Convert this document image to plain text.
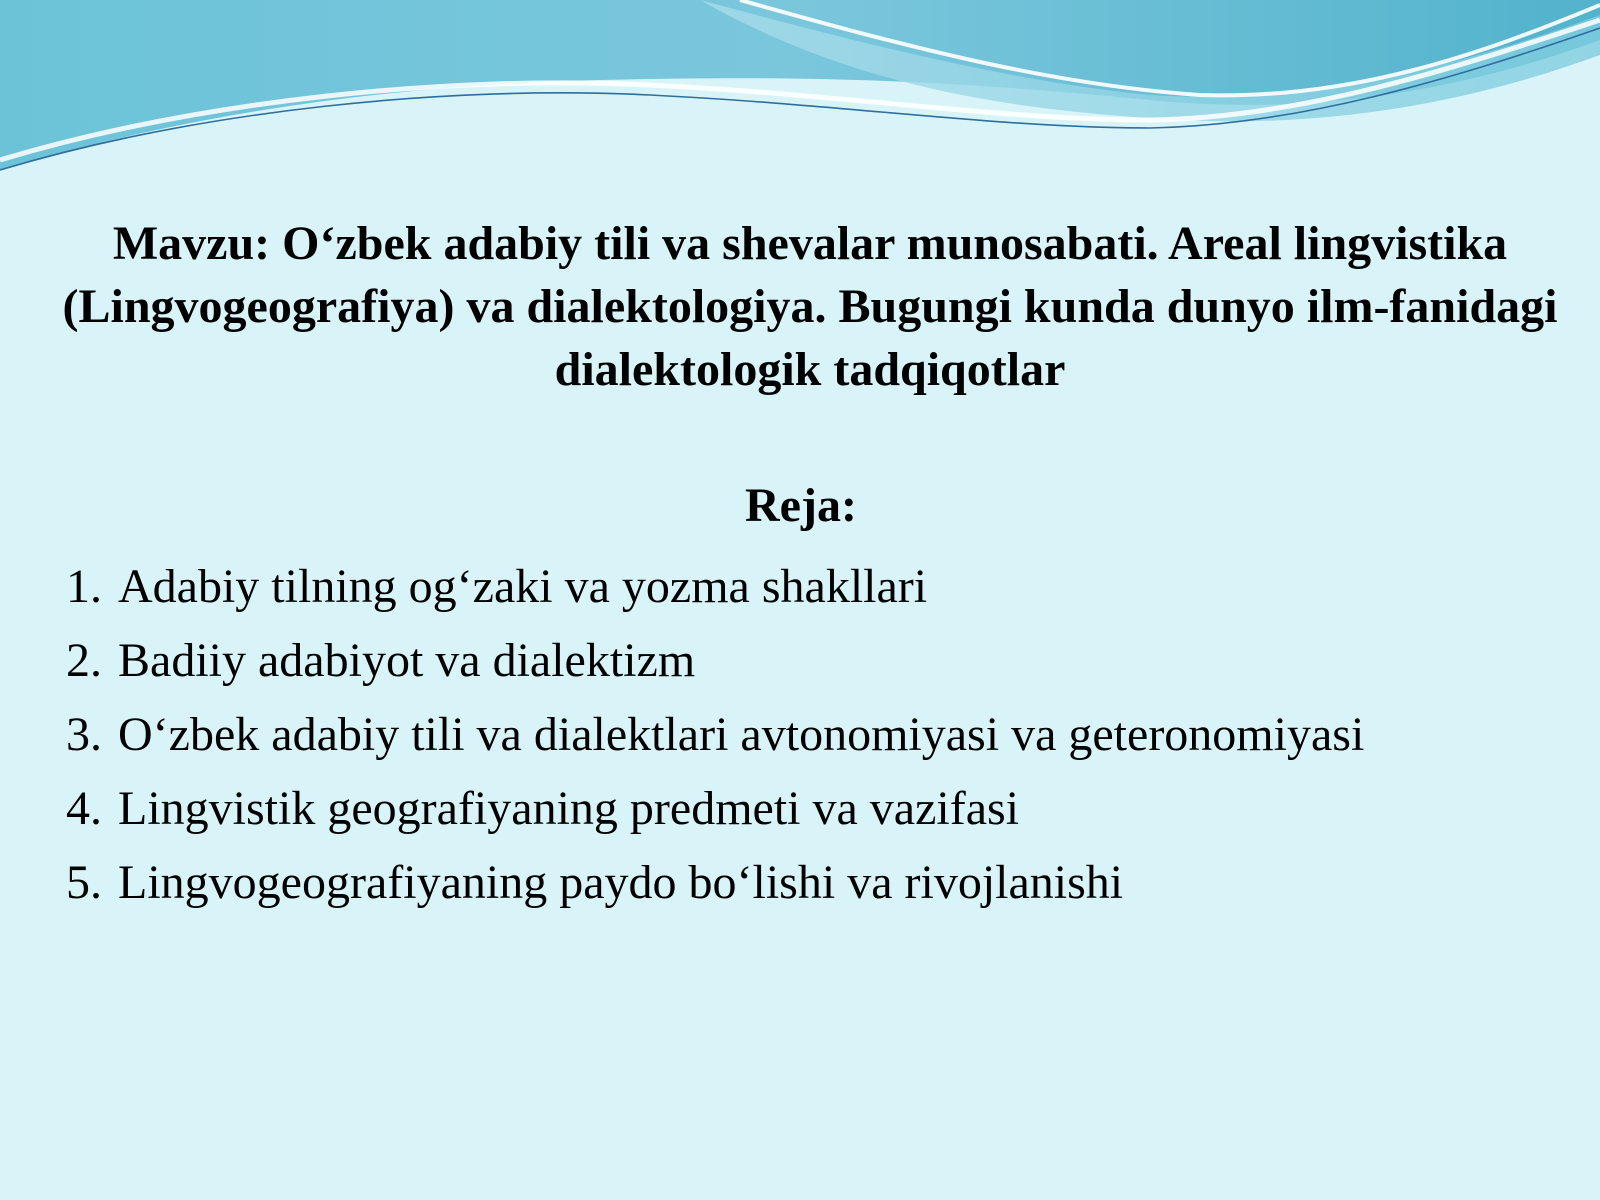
Mavzu: O‘zbek adabiy tili va shevalar munosabati. Areal lingvistika (Lingvogeografiya) va dialektologiya. Bugungi kunda dunyo ilm-fanidagi dialektologik tadqiqotlar
Reja:
1. Adabiy tilning og‘zaki va yozma shakllari
2. Badiiy adabiyot va dialektizm
3. O‘zbek adabiy tili va dialektlari avtonomiyasi va geteronomiyasi
4. Lingvistik geografiyaning predmeti va vazifasi
5. Lingvogeografiyaning paydo bo‘lishi va rivojlanishi
